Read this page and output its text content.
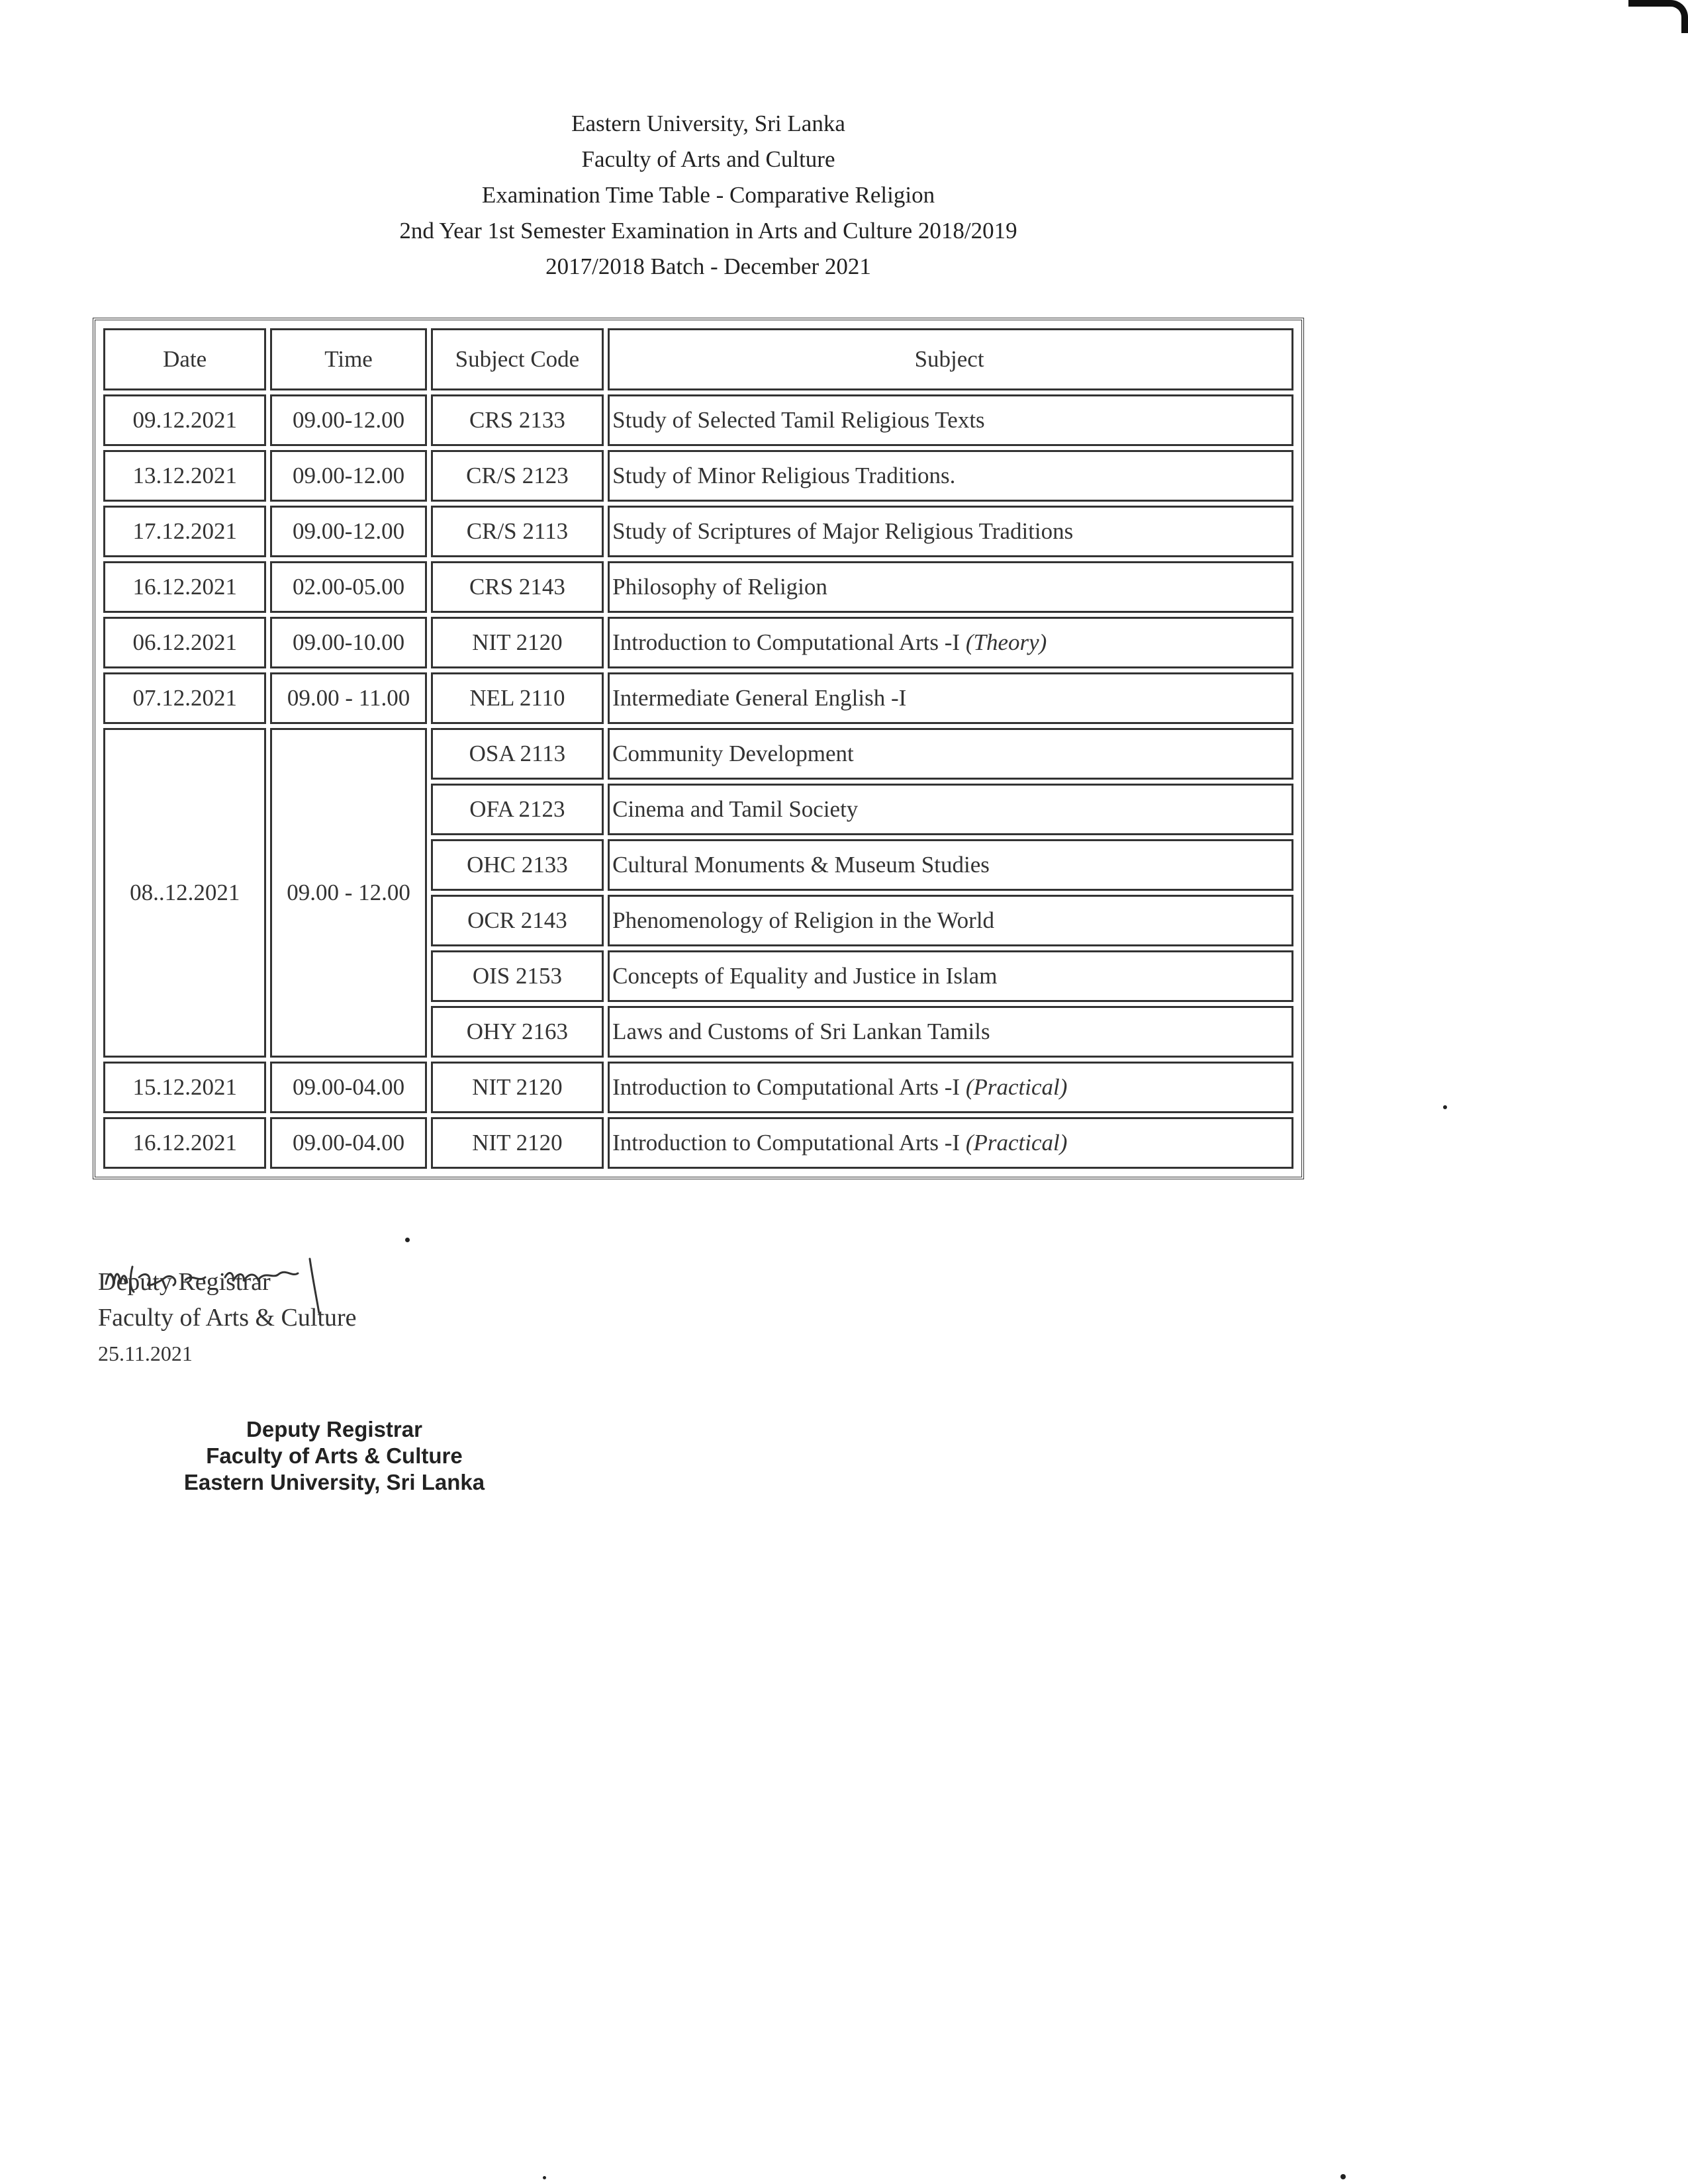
Eastern University, Sri Lanka
Faculty of Arts and Culture
Examination Time Table - Comparative Religion
2nd Year 1st Semester Examination in Arts and Culture 2018/2019
2017/2018 Batch - December 2021
Date	Time	Subject Code	Subject
09.12.2021	09.00-12.00	CRS 2133	Study of Selected Tamil Religious Texts
13.12.2021	09.00-12.00	CR/S 2123	Study of Minor Religious Traditions.
17.12.2021	09.00-12.00	CR/S 2113	Study of Scriptures of Major Religious Traditions
16.12.2021	02.00-05.00	CRS 2143	Philosophy of Religion
06.12.2021	09.00-10.00	NIT 2120	Introduction to Computational Arts -I (Theory)
07.12.2021	09.00 - 11.00	NEL 2110	Intermediate General English -I
08..12.2021	09.00 - 12.00	OSA 2113	Community Development
		OFA 2123	Cinema and Tamil Society
		OHC 2133	Cultural Monuments & Museum Studies
		OCR 2143	Phenomenology of Religion in the World
		OIS 2153	Concepts of Equality and Justice in Islam
		OHY 2163	Laws and Customs of Sri Lankan Tamils
15.12.2021	09.00-04.00	NIT 2120	Introduction to Computational Arts -I (Practical)
16.12.2021	09.00-04.00	NIT 2120	Introduction to Computational Arts -I (Practical)
Deputy Registrar
Faculty of Arts & Culture
25.11.2021
Deputy Registrar
Faculty of Arts & Culture
Eastern University, Sri Lanka
